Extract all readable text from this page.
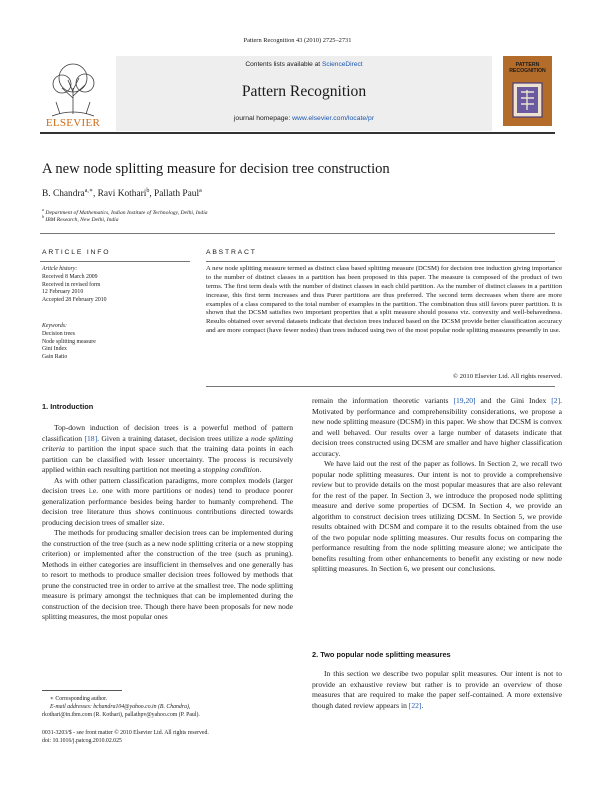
Pattern Recognition 43 (2010) 2725–2731
ELSEVIER
Contents lists available at ScienceDirect
Pattern Recognition
journal homepage: www.elsevier.com/locate/pr
PATTERN
RECOGNITION
A new node splitting measure for decision tree construction
B. Chandra$^{a,∗}$, Ravi Kothari$^b$, Pallath Paul$^a$
$^a$ Department of Mathematics, Indian Institute of Technology, Delhi, India
$^b$ IBM Research, New Delhi, India
ARTICLE INFO
Article history:
Received 8 March 2009
Received in revised form
12 February 2010
Accepted 28 February 2010
Keywords:
Decision trees
Node splitting measure
Gini Index
Gain Ratio
ABSTRACT
A new node splitting measure termed as distinct class based splitting measure (DCSM) for decision tree induction giving importance to the number of distinct classes in a partition has been proposed in this paper. The measure is composed of the product of two terms. The first term deals with the number of distinct classes in each child partition. As the number of distinct classes in a partition increase, this first term increases and thus Purer partitions are thus preferred. The second term decreases when there are more examples of a class compared to the total number of examples in the partition. The combination thus still favors purer partition. It is shown that the DCSM satisfies two important properties that a split measure should possess viz. convexity and well-behavedness. Results obtained over several datasets indicate that decision trees induced based on the DCSM provide better classification accuracy and are more compact (have fewer nodes) than trees induced using two of the most popular node splitting measures presently in use.
© 2010 Elsevier Ltd. All rights reserved.
1. Introduction

Top-down induction of decision trees is a powerful method of pattern classification [18]. Given a training dataset, decision trees utilize a node splitting criteria to partition the input space such that the training data points in each partition can be classified with lesser uncertainty. The process is recursively applied within each resulting partition not meeting a stopping condition.

As with other pattern classification paradigms, more complex models (larger decision trees i.e. one with more partitions or nodes) tend to produce poorer generalization performance besides being harder to humanly comprehend. The decision tree literature thus shows continuous contributions directed towards producing decision trees of smaller size.

The methods for producing smaller decision trees can be implemented during the construction of the tree (such as a new node splitting criteria or a new stopping criterion) or implemented after the construction of the tree (such as pruning). Methods in either categories are insufficient in themselves and one generally has to resort to methods to produce smaller decision trees followed by methods that prune the constructed tree in order to arrive at the smallest tree. The node splitting measure is primary amongst the techniques that can be implemented during the construction of the decision tree. Though there have been proposals for new node splitting measures, the most popular ones

∗ Corresponding author.
E-mail addresses: bchandra104@yahoo.co.in (B. Chandra),
rkothari@in.ibm.com (R. Kothari), pallathpv@yahoo.com (P. Paul).
0031-3203/$ - see front matter © 2010 Elsevier Ltd. All rights reserved.
doi: 10.1016/j.patcog.2010.02.025

remain the information theoretic variants [19,20] and the Gini Index [2]. Motivated by performance and comprehensibility considerations, we propose a new node splitting measure (DCSM) in this paper. We show that DCSM is convex and well behaved. Our results over a large number of datasets indicate that decision trees constructed using DCSM are smaller and have higher classification accuracy.

We have laid out the rest of the paper as follows. In Section 2, we recall two popular node splitting measures. Our intent is not to provide a comprehensive review but to provide details on the most popular measures that are also relevant for the rest of the paper. In Section 3, we introduce the proposed node splitting measure and derive some properties of DCSM. In Section 4, we provide an algorithm to construct decision trees utilizing DCSM. In Section 5, we provide results obtained with DCSM and compare it to the results obtained from the use of the two popular node splitting measures. Our results focus on comparing the performance resulting from the node splitting measure alone; we anticipate the benefits resulting from other enhancements to benefit any existing or new node splitting measures. In Section 6, we present our conclusions.

2. Two popular node splitting measures

In this section we describe two popular split measures. Our intent is not to provide an exhaustive review but rather is to provide an overview of those measures that are required to make the paper self-contained. A more extensive though dated review appears in [22].
